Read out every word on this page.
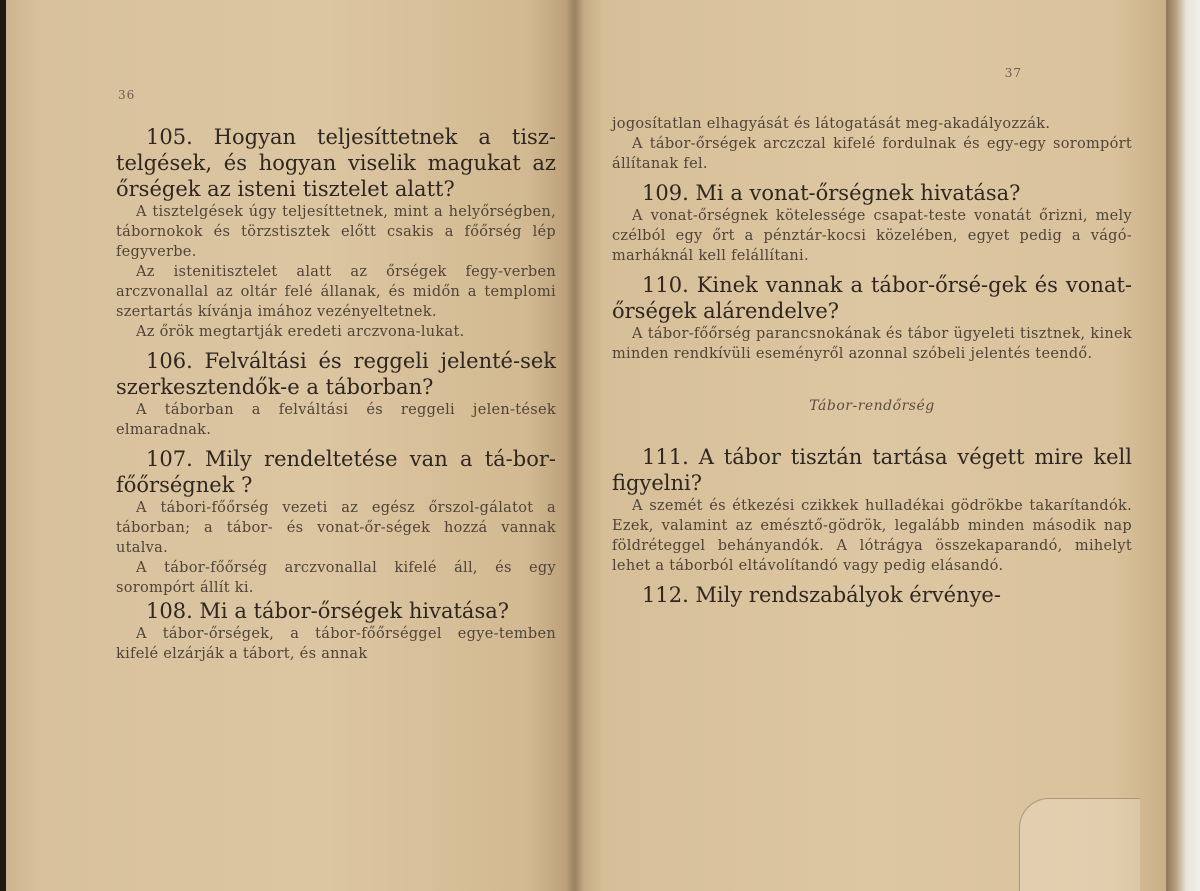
36

105. Hogyan teljesíttetnek a tisz-telgések, és hogyan viselik magukat az őrségek az isteni tisztelet alatt?

A tisztelgések úgy teljesíttetnek, mint a helyőrségben, tábornokok és törzstisztek előtt csakis a főőrség lép fegyverbe.

Az istenitisztelet alatt az őrségek fegy-verben arczvonallal az oltár felé állanak, és midőn a templomi szertartás kívánja imához vezényeltetnek.

Az őrök megtartják eredeti arczvona-lukat.

106. Felváltási és reggeli jelenté-sek szerkesztendők-e a táborban?

A táborban a felváltási és reggeli jelen-tések elmaradnak.

107. Mily rendeltetése van a tá-bor-főőrségnek ?

A tábori-főőrség vezeti az egész őrszol-gálatot a táborban; a tábor- és vonat-őr-ségek hozzá vannak utalva.

A tábor-főőrség arczvonallal kifelé áll, és egy sorompórt állít ki.

108. Mi a tábor-őrségek hivatása?

A tábor-őrségek, a tábor-főőrséggel egye-temben kifelé elzárják a tábort, és annak

37

jogosítatlan elhagyását és látogatását meg-akadályozzák.

A tábor-őrségek arczczal kifelé fordulnak és egy-egy sorompórt állítanak fel.

109. Mi a vonat-őrségnek hivatása?

A vonat-őrségnek kötelessége csapat-teste vonatát őrizni, mely czélból egy őrt a pénztár-kocsi közelében, egyet pedig a vágó-marháknál kell felállítani.

110. Kinek vannak a tábor-őrsé-gek és vonat-őrségek alárendelve?

A tábor-főőrség parancsnokának és tábor ügyeleti tisztnek, kinek minden rendkívüli eseményről azonnal szóbeli jelentés teendő.

Tábor-rendőrség

111. A tábor tisztán tartása végett mire kell figyelni?

A szemét és étkezési czikkek hulladékai gödrökbe takarítandók. Ezek, valamint az emésztő-gödrök, legalább minden második nap földréteggel behányandók. A lótrágya összekaparandó, mihelyt lehet a táborból eltávolítandó vagy pedig elásandó.

112. Mily rendszabályok érvénye-
